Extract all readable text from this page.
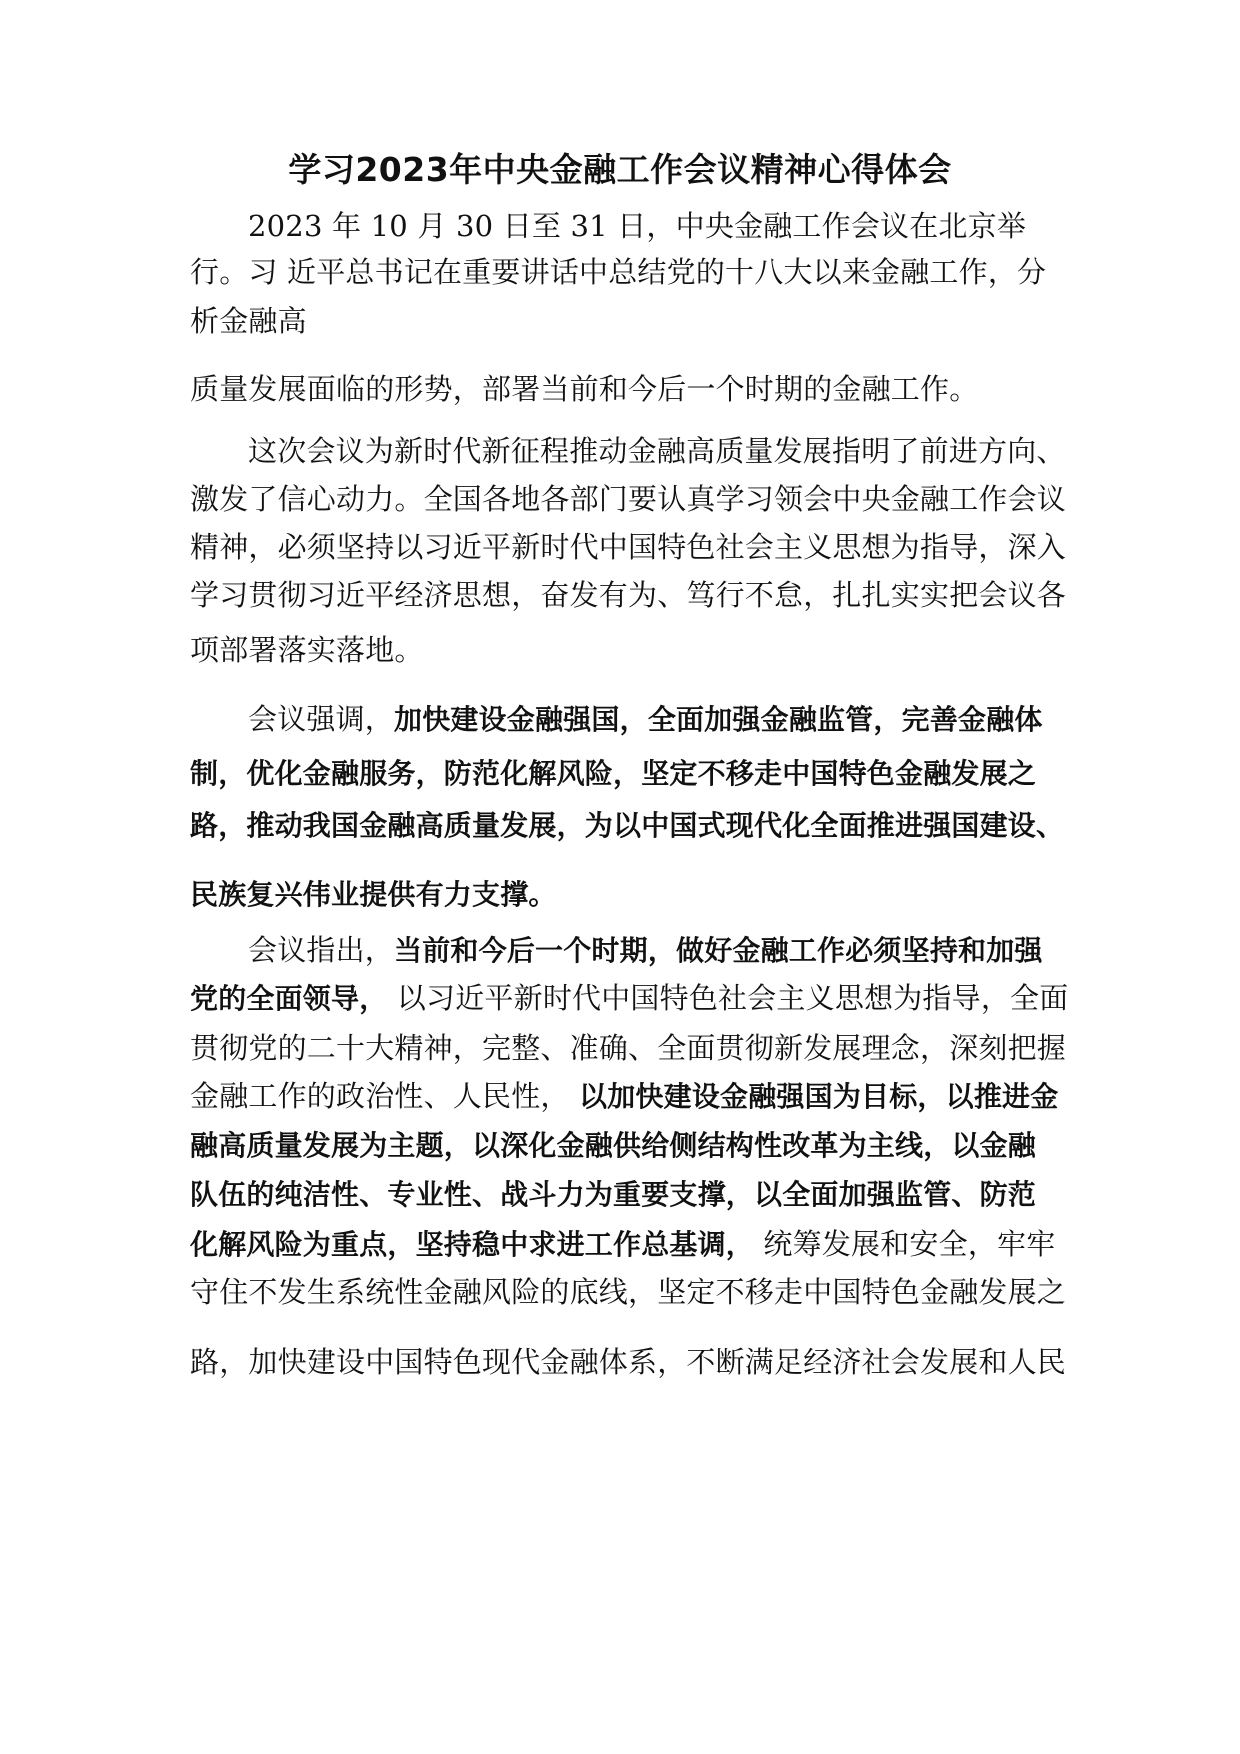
学习2023年中央金融工作会议精神心得体会
2023 年 10 月 30 日至 31 日，中央金融工作会议在北京举
行。习 近平总书记在重要讲话中总结党的十八大以来金融工作，分
析金融高
质量发展面临的形势，部署当前和今后一个时期的金融工作。
这次会议为新时代新征程推动金融高质量发展指明了前进方向、
激发了信心动力。全国各地各部门要认真学习领会中央金融工作会议
精神，必须坚持以习近平新时代中国特色社会主义思想为指导，深入
学习贯彻习近平经济思想，奋发有为、笃行不怠，扎扎实实把会议各
项部署落实落地。
会议强调，加快建设金融强国，全面加强金融监管，完善金融体
制，优化金融服务，防范化解风险，坚定不移走中国特色金融发展之
路，推动我国金融高质量发展，为以中国式现代化全面推进强国建设、
民族复兴伟业提供有力支撑。
会议指出，当前和今后一个时期，做好金融工作必须坚持和加强
党的全面领导， 以习近平新时代中国特色社会主义思想为指导，全面
贯彻党的二十大精神，完整、准确、全面贯彻新发展理念，深刻把握
金融工作的政治性、人民性， 以加快建设金融强国为目标，以推进金
融高质量发展为主题，以深化金融供给侧结构性改革为主线，以金融
队伍的纯洁性、专业性、战斗力为重要支撑，以全面加强监管、防范
化解风险为重点，坚持稳中求进工作总基调， 统筹发展和安全，牢牢
守住不发生系统性金融风险的底线，坚定不移走中国特色金融发展之
路，加快建设中国特色现代金融体系，不断满足经济社会发展和人民
